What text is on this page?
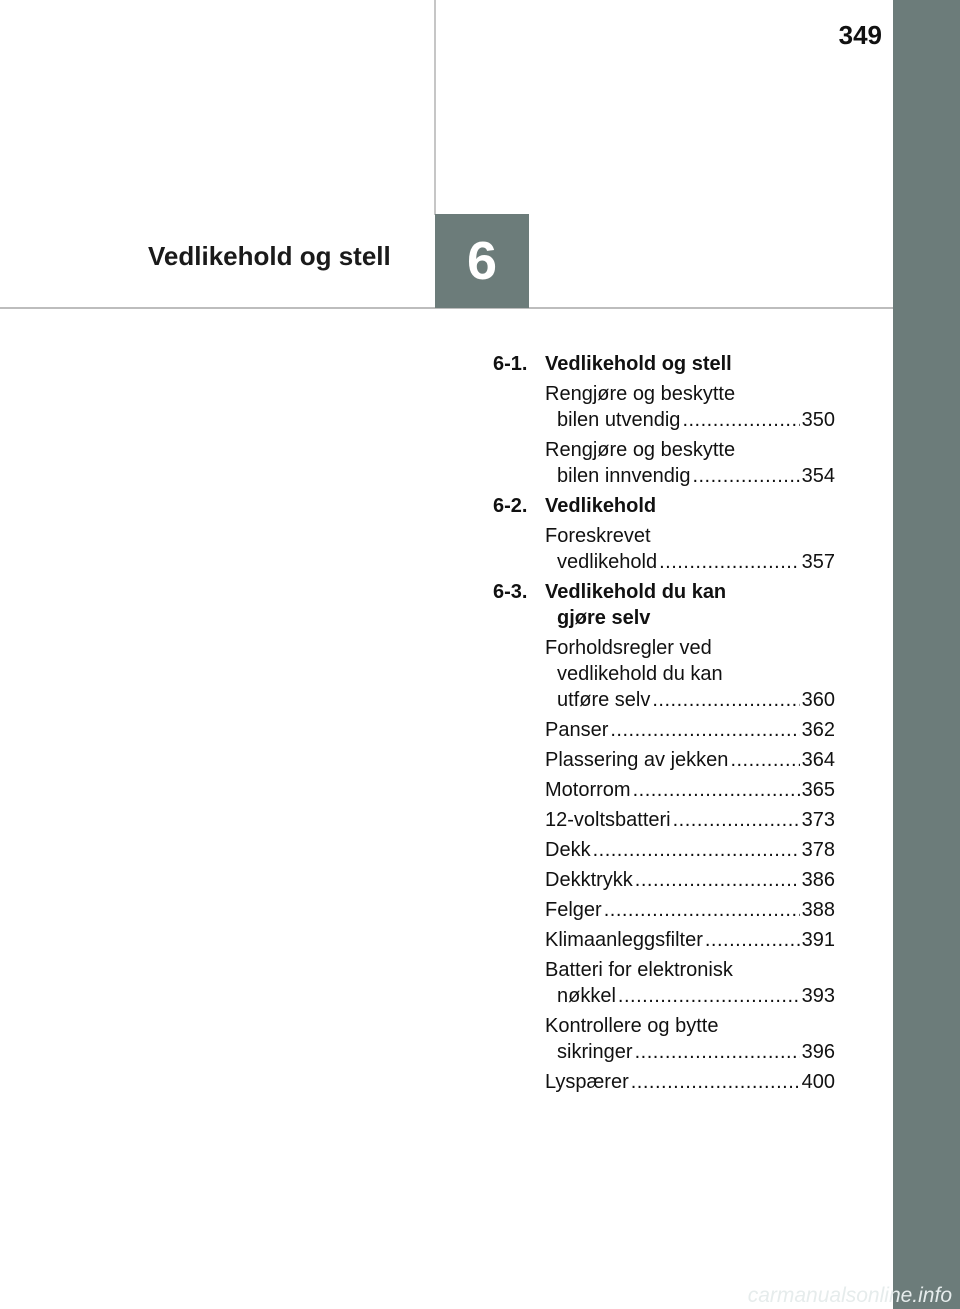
349
6
Vedlikehold og stell
6-1. Vedlikehold og stell
Rengjøre og beskytte
bilen utvendig .....	350
Rengjøre og beskytte
bilen innvendig .....	354
6-2. Vedlikehold
Foreskrevet
vedlikehold .....	357
6-3. Vedlikehold du kan
gjøre selv
Forholdsregler ved
vedlikehold du kan
utføre selv .....	360
Panser .....	362
Plassering av jekken .....	364
Motorrom .....	365
12-voltsbatteri .....	373
Dekk .....	378
Dekktrykk .....	386
Felger .....	388
Klimaanleggsfilter .....	391
Batteri for elektronisk
nøkkel .....	393
Kontrollere og bytte
sikringer .....	396
Lyspærer .....	400
carmanualsonline.info
